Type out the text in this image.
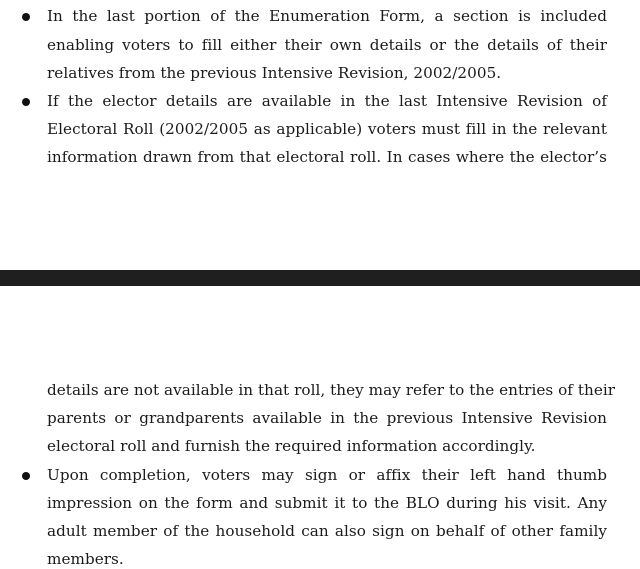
In the last portion of the Enumeration Form, a section is included
enabling voters to fill either their own details or the details of their
relatives from the previous Intensive Revision, 2002/2005.
If the elector details are available in the last Intensive Revision of
Electoral Roll (2002/2005 as applicable) voters must fill in the relevant
information drawn from that electoral roll. In cases where the elector’s
details are not available in that roll, they may refer to the entries of their
parents or grandparents available in the previous Intensive Revision
electoral roll and furnish the required information accordingly.
Upon completion, voters may sign or affix their left hand thumb
impression on the form and submit it to the BLO during his visit. Any
adult member of the household can also sign on behalf of other family
members.
